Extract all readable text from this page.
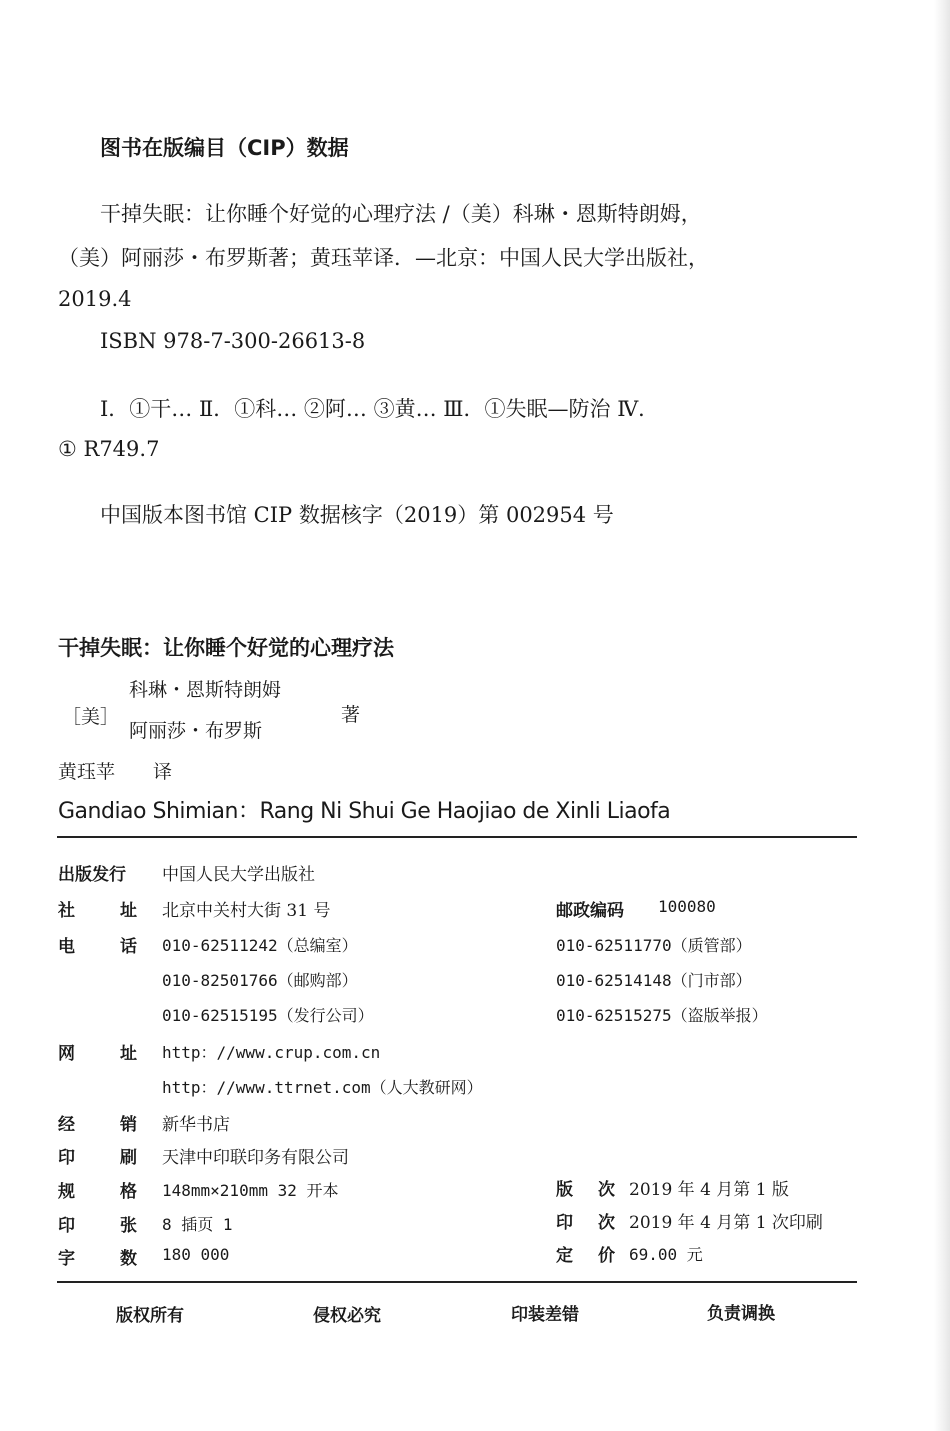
图书在版编目（CIP）数据
干掉失眠：让你睡个好觉的心理疗法 /（美）科琳・恩斯特朗姆，
（美）阿丽莎・布罗斯著；黄珏苹译．—北京：中国人民大学出版社，
2019.4
ISBN 978-7-300-26613-8
Ⅰ．①干… Ⅱ．①科… ②阿… ③黄… Ⅲ．①失眠—防治 Ⅳ．
① R749.7
中国版本图书馆 CIP 数据核字（2019）第 002954 号
干掉失眠：让你睡个好觉的心理疗法
［美］
科琳・恩斯特朗姆
阿丽莎・布罗斯
著
黄珏苹 译
Gandiao Shimian：Rang Ni Shui Ge Haojiao de Xinli Liaofa
出版发行 中国人民大学出版社
社	址 北京中关村大街 31 号	邮政编码 100080
电	话 010-62511242（总编室）	010-62511770（质管部）
010-82501766（邮购部）	010-62514148（门市部）
010-62515195（发行公司）	010-62515275（盗版举报）
网	址 http：//www.crup.com.cn
http：//www.ttrnet.com（人大教研网）
经	销 新华书店
印	刷 天津中印联印务有限公司
规	格 148mm×210mm 32 开本	版 次 2019 年 4 月第 1 版
印	张 8 插页 1	印 次 2019 年 4 月第 1 次印刷
字	数 180 000	定 价 69.00 元
版权所有	侵权必究	印装差错	负责调换
